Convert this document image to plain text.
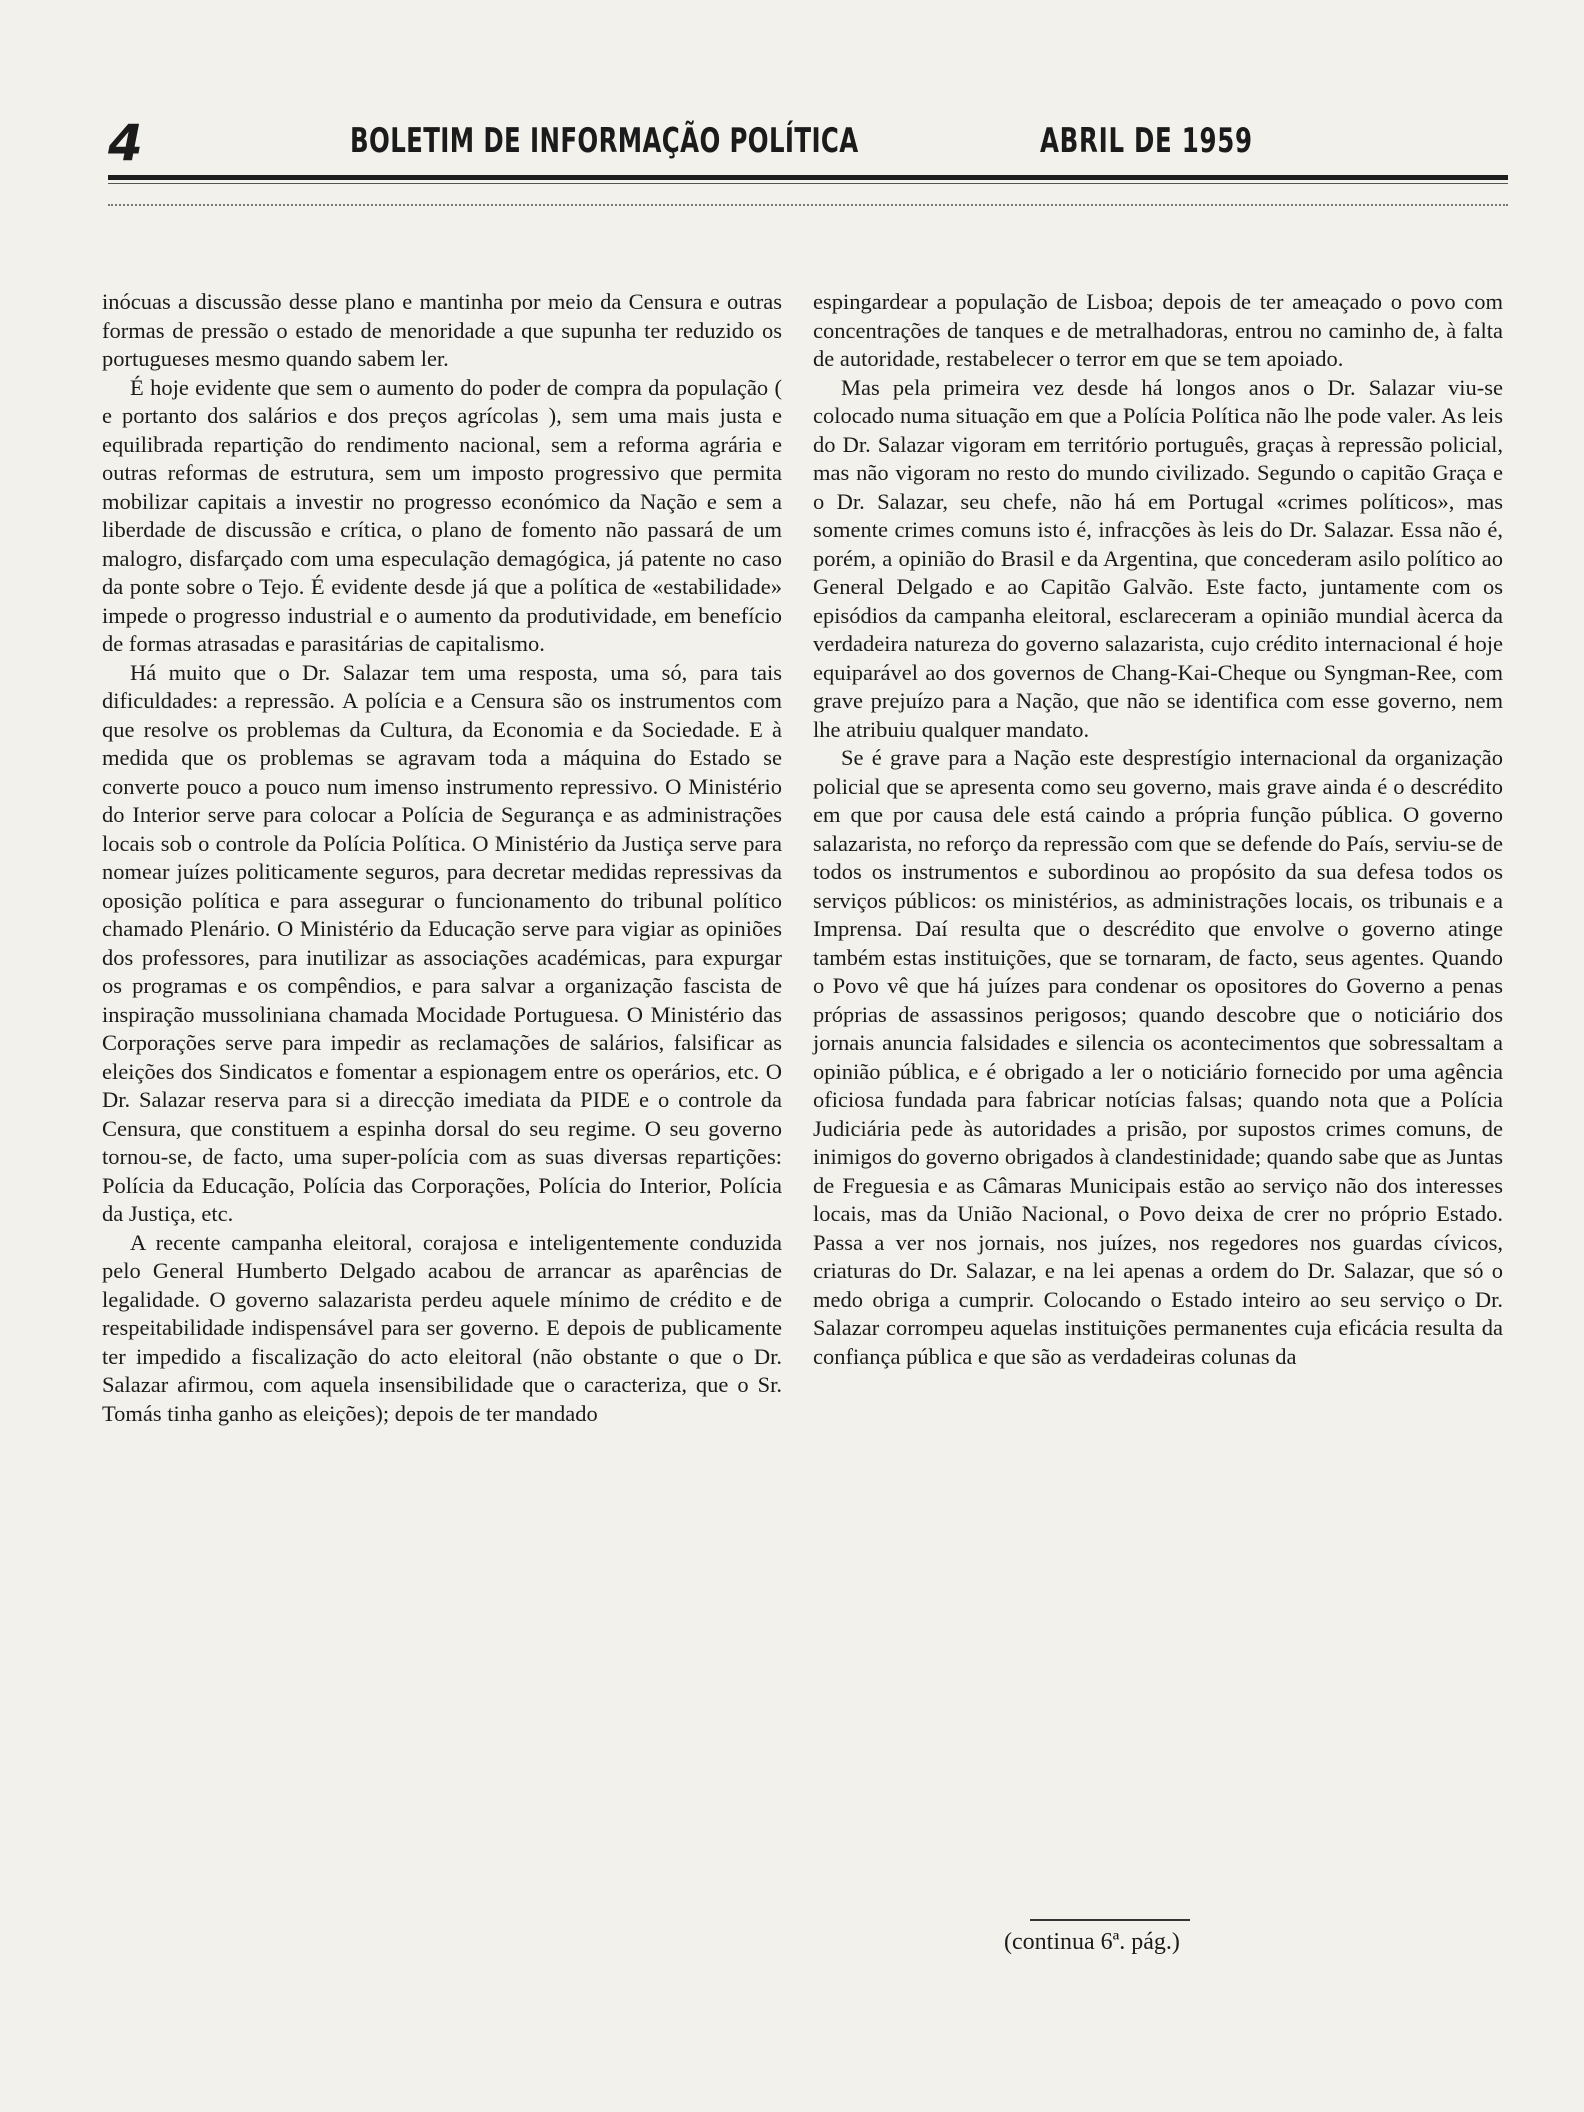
4	BOLETIM DE INFORMAÇÃO POLÍTICA	ABRIL DE 1959

inócuas a discussão desse plano e mantinha por meio da Censura e outras formas de pressão o estado de menoridade a que supunha ter reduzido os portugueses mesmo quando sabem ler.

É hoje evidente que sem o aumento do poder de compra da população ( e portanto dos salários e dos preços agrícolas ), sem uma mais justa e equilibrada repartição do rendimento nacional, sem a reforma agrária e outras reformas de estrutura, sem um imposto progressivo que permita mobilizar capitais a investir no progresso económico da Nação e sem a liberdade de discussão e crítica, o plano de fomento não passará de um malogro, disfarçado com uma especulação demagógica, já patente no caso da ponte sobre o Tejo. É evidente desde já que a política de «estabilidade» impede o progresso industrial e o aumento da produtividade, em benefício de formas atrasadas e parasitárias de capitalismo.

Há muito que o Dr. Salazar tem uma resposta, uma só, para tais dificuldades: a repressão. A polícia e a Censura são os instrumentos com que resolve os problemas da Cultura, da Economia e da Sociedade. E à medida que os problemas se agravam toda a máquina do Estado se converte pouco a pouco num imenso instrumento repressivo. O Ministério do Interior serve para colocar a Polícia de Segurança e as administrações locais sob o controle da Polícia Política. O Ministério da Justiça serve para nomear juízes politicamente seguros, para decretar medidas repressivas da oposição política e para assegurar o funcionamento do tribunal político chamado Plenário. O Ministério da Educação serve para vigiar as opiniões dos professores, para inutilizar as associações académicas, para expurgar os programas e os compêndios, e para salvar a organização fascista de inspiração mussoliniana chamada Mocidade Portuguesa. O Ministério das Corporações serve para impedir as reclamações de salários, falsificar as eleições dos Sindicatos e fomentar a espionagem entre os operários, etc. O Dr. Salazar reserva para si a direcção imediata da PIDE e o controle da Censura, que constituem a espinha dorsal do seu regime. O seu governo tornou-se, de facto, uma super-polícia com as suas diversas repartições: Polícia da Educação, Polícia das Corporações, Polícia do Interior, Polícia da Justiça, etc.

A recente campanha eleitoral, corajosa e inteligentemente conduzida pelo General Humberto Delgado acabou de arrancar as aparências de legalidade. O governo salazarista perdeu aquele mínimo de crédito e de respeitabilidade indispensável para ser governo. E depois de publicamente ter impedido a fiscalização do acto eleitoral (não obstante o que o Dr. Salazar afirmou, com aquela insensibilidade que o caracteriza, que o Sr. Tomás tinha ganho as eleições); depois de ter mandado

espingardear a população de Lisboa; depois de ter ameaçado o povo com concentrações de tanques e de metralhadoras, entrou no caminho de, à falta de autoridade, restabelecer o terror em que se tem apoiado.

Mas pela primeira vez desde há longos anos o Dr. Salazar viu-se colocado numa situação em que a Polícia Política não lhe pode valer. As leis do Dr. Salazar vigoram em território português, graças à repressão policial, mas não vigoram no resto do mundo civilizado. Segundo o capitão Graça e o Dr. Salazar, seu chefe, não há em Portugal «crimes políticos», mas somente crimes comuns isto é, infracções às leis do Dr. Salazar. Essa não é, porém, a opinião do Brasil e da Argentina, que concederam asilo político ao General Delgado e ao Capitão Galvão. Este facto, juntamente com os episódios da campanha eleitoral, esclareceram a opinião mundial àcerca da verdadeira natureza do governo salazarista, cujo crédito internacional é hoje equiparável ao dos governos de Chang-Kai-Cheque ou Syngman-Ree, com grave prejuízo para a Nação, que não se identifica com esse governo, nem lhe atribuiu qualquer mandato.

Se é grave para a Nação este desprestígio internacional da organização policial que se apresenta como seu governo, mais grave ainda é o descrédito em que por causa dele está caindo a própria função pública. O governo salazarista, no reforço da repressão com que se defende do País, serviu-se de todos os instrumentos e subordinou ao propósito da sua defesa todos os serviços públicos: os ministérios, as administrações locais, os tribunais e a Imprensa. Daí resulta que o descrédito que envolve o governo atinge também estas instituições, que se tornaram, de facto, seus agentes. Quando o Povo vê que há juízes para condenar os opositores do Governo a penas próprias de assassinos perigosos; quando descobre que o noticiário dos jornais anuncia falsidades e silencia os acontecimentos que sobressaltam a opinião pública, e é obrigado a ler o noticiário fornecido por uma agência oficiosa fundada para fabricar notícias falsas; quando nota que a Polícia Judiciária pede às autoridades a prisão, por supostos crimes comuns, de inimigos do governo obrigados à clandestinidade; quando sabe que as Juntas de Freguesia e as Câmaras Municipais estão ao serviço não dos interesses locais, mas da União Nacional, o Povo deixa de crer no próprio Estado. Passa a ver nos jornais, nos juízes, nos regedores nos guardas cívicos, criaturas do Dr. Salazar, e na lei apenas a ordem do Dr. Salazar, que só o medo obriga a cumprir. Colocando o Estado inteiro ao seu serviço o Dr. Salazar corrompeu aquelas instituições permanentes cuja eficácia resulta da confiança pública e que são as verdadeiras colunas da

(continua 6ª. pág.)
